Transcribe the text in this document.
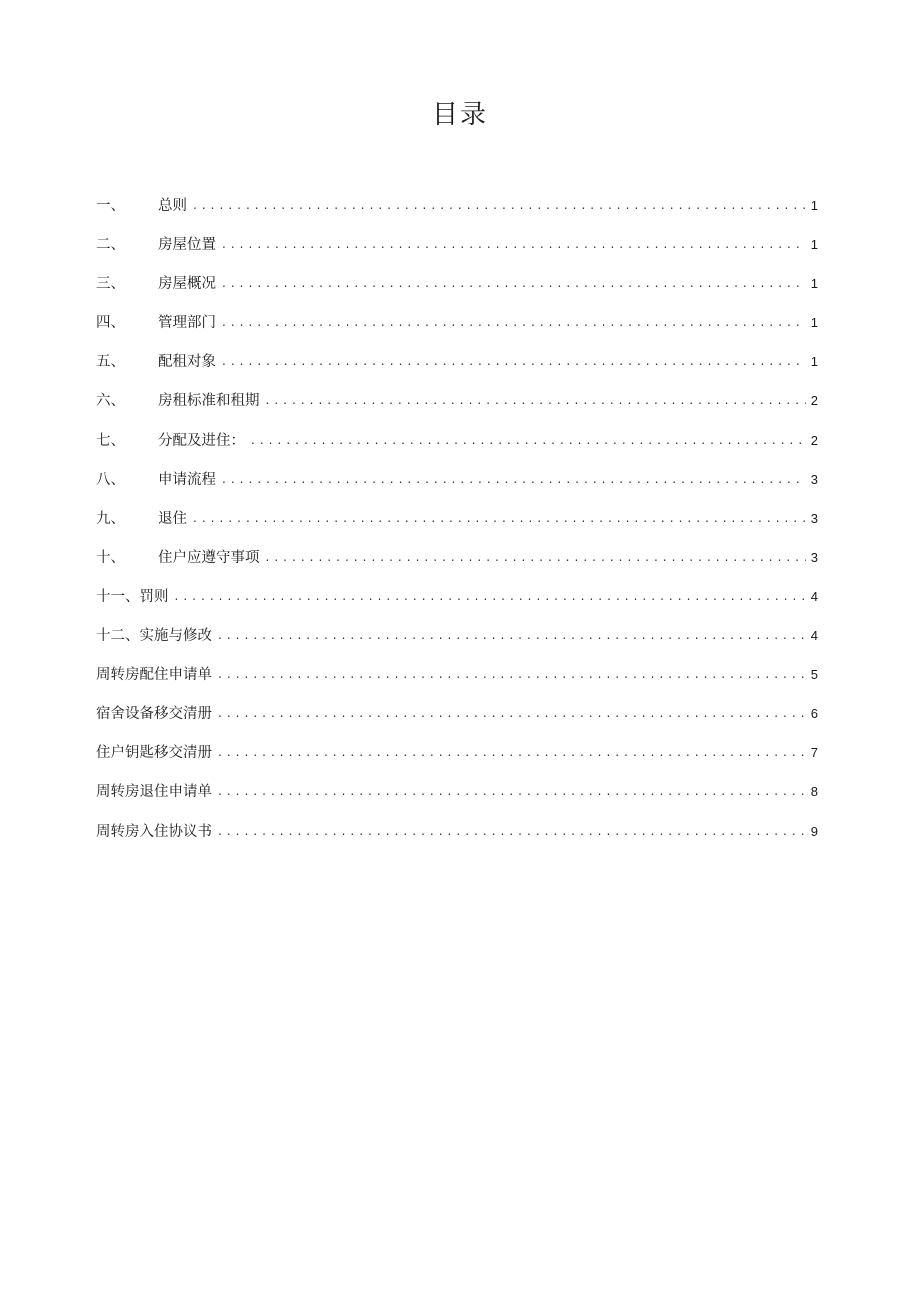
目录
一、	总则 . . .	1
二、	房屋位置 . . .	1
三、	房屋概况 . . .	1
四、	管理部门 . . .	1
五、	配租对象 . . .	1
六、	房租标准和租期 . . .	2
七、	分配及进住： . . .	2
八、	申请流程 . . .	3
九、	退住 . . .	3
十、	住户应遵守事项 . . .	3
十一、罚则 . . .	4
十二、实施与修改 . . .	4
周转房配住申请单 . . .	5
宿舍设备移交清册 . . .	6
住户钥匙移交清册 . . .	7
周转房退住申请单 . . .	8
周转房入住协议书 . . .	9
